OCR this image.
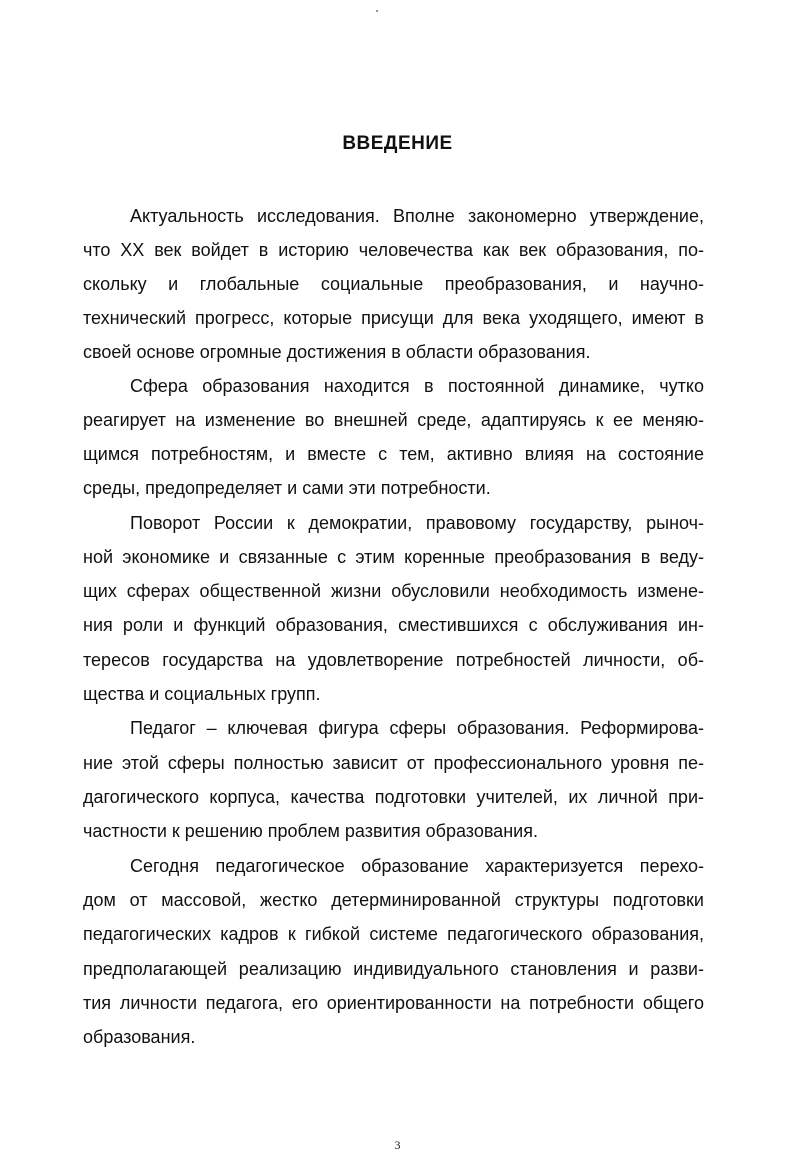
ВВЕДЕНИЕ
Актуальность исследования. Вполне закономерно утверждение,
что ХХ век войдет в историю человечества как век образования, по-
скольку и глобальные социальные преобразования, и научно-
технический прогресс, которые присущи для века уходящего, имеют в
своей основе огромные достижения в области образования.
Сфера образования находится в постоянной динамике, чутко
реагирует на изменение во внешней среде, адаптируясь к ее меняю-
щимся потребностям, и вместе с тем, активно влияя на состояние
среды, предопределяет и сами эти потребности.
Поворот России к демократии, правовому государству, рыноч-
ной экономике и связанные с этим коренные преобразования в веду-
щих сферах общественной жизни обусловили необходимость измене-
ния роли и функций образования, сместившихся с обслуживания ин-
тересов государства на удовлетворение потребностей личности, об-
щества и социальных групп.
Педагог – ключевая фигура сферы образования. Реформирова-
ние этой сферы полностью зависит от профессионального уровня пе-
дагогического корпуса, качества подготовки учителей, их личной при-
частности к решению проблем развития образования.
Сегодня педагогическое образование характеризуется перехо-
дом от массовой, жестко детерминированной структуры подготовки
педагогических кадров к гибкой системе педагогического образования,
предполагающей реализацию индивидуального становления и разви-
тия личности педагога, его ориентированности на потребности общего
образования.
3
